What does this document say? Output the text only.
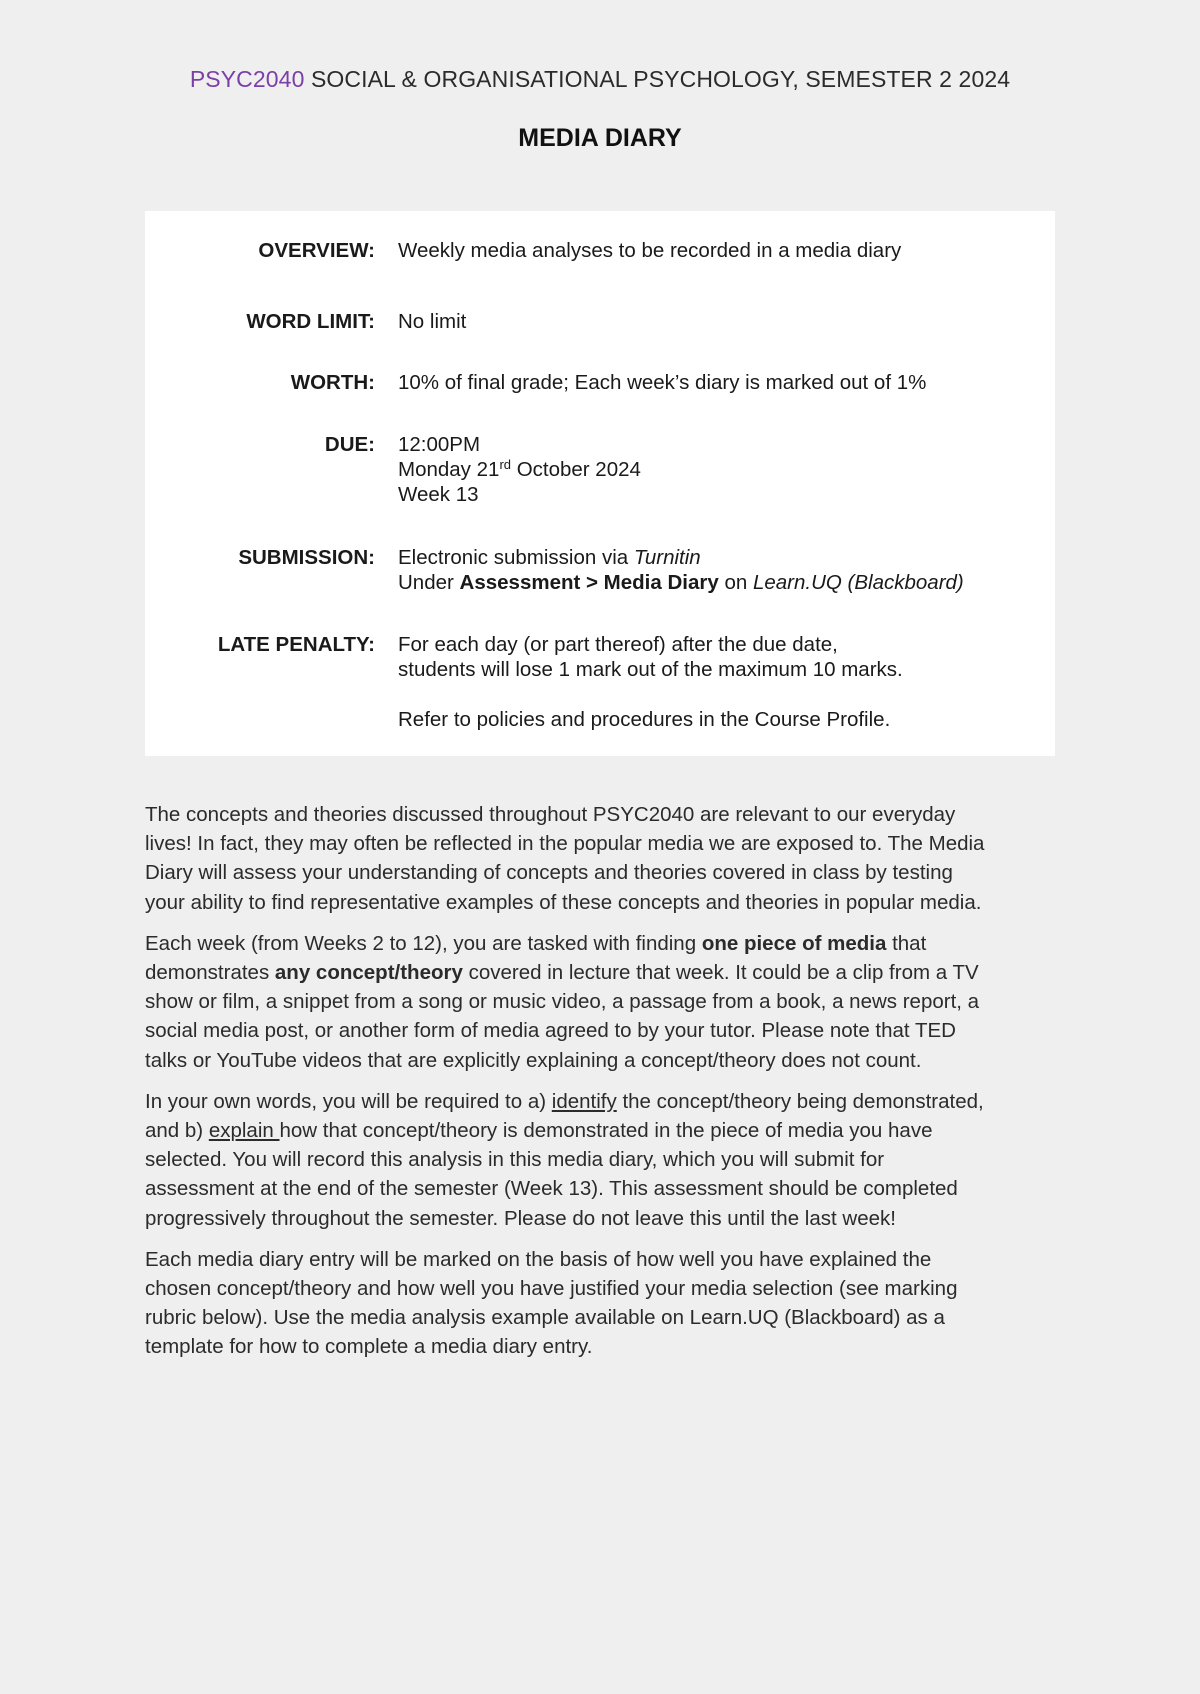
PSYC2040 SOCIAL & ORGANISATIONAL PSYCHOLOGY, SEMESTER 2 2024
MEDIA DIARY
OVERVIEW: Weekly media analyses to be recorded in a media diary
WORD LIMIT: No limit
WORTH: 10% of final grade; Each week’s diary is marked out of 1%
DUE: 12:00PM
Monday 21rd October 2024
Week 13
SUBMISSION: Electronic submission via Turnitin
Under Assessment > Media Diary on Learn.UQ (Blackboard)
LATE PENALTY: For each day (or part thereof) after the due date,
students will lose 1 mark out of the maximum 10 marks.
Refer to policies and procedures in the Course Profile.

The concepts and theories discussed throughout PSYC2040 are relevant to our everyday
lives! In fact, they may often be reflected in the popular media we are exposed to. The Media
Diary will assess your understanding of concepts and theories covered in class by testing
your ability to find representative examples of these concepts and theories in popular media.

Each week (from Weeks 2 to 12), you are tasked with finding one piece of media that
demonstrates any concept/theory covered in lecture that week. It could be a clip from a TV
show or film, a snippet from a song or music video, a passage from a book, a news report, a
social media post, or another form of media agreed to by your tutor. Please note that TED
talks or YouTube videos that are explicitly explaining a concept/theory does not count.

In your own words, you will be required to a) identify the concept/theory being demonstrated,
and b) explain how that concept/theory is demonstrated in the piece of media you have
selected. You will record this analysis in this media diary, which you will submit for
assessment at the end of the semester (Week 13). This assessment should be completed
progressively throughout the semester. Please do not leave this until the last week!

Each media diary entry will be marked on the basis of how well you have explained the
chosen concept/theory and how well you have justified your media selection (see marking
rubric below). Use the media analysis example available on Learn.UQ (Blackboard) as a
template for how to complete a media diary entry.
